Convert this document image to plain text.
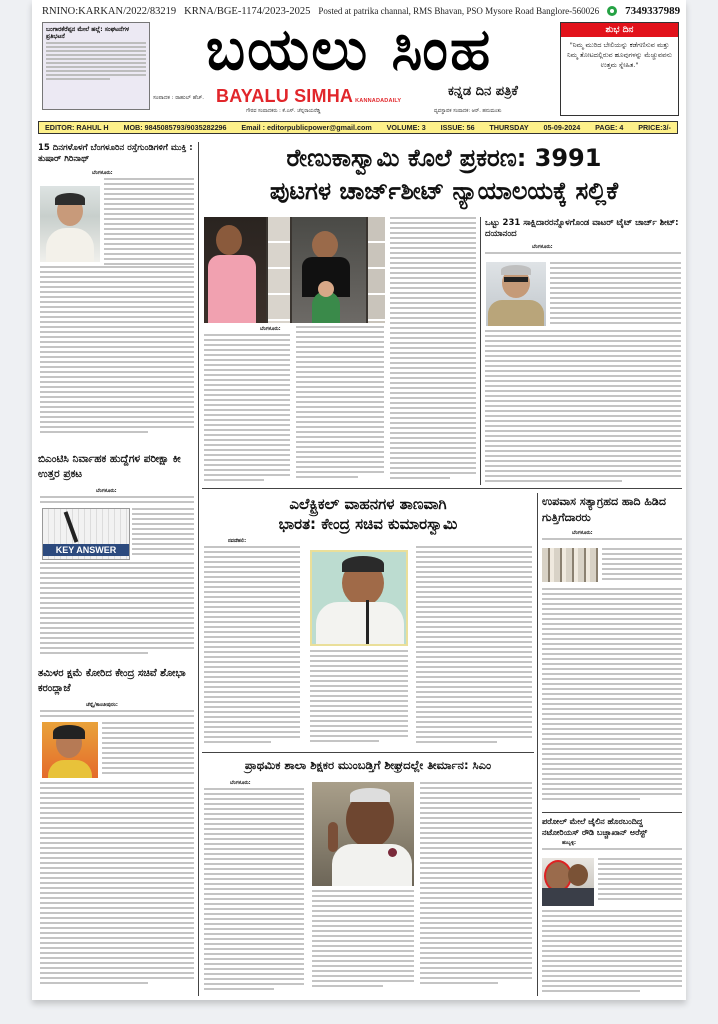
RNINO:KARKAN/2022/83219 KRNA/BGE-1174/2023-2025 Posted at patrika channal, RMS Bhavan, PSO Mysore Road Banglore-560026 7349337989
ಬಂಗಾರಕೆರೆಪ್ಪನ ಮೇಲೆ ಹಲ್ಲೆ: ಸಂಘಟನೆಗಳ ಪ್ರತಿಭಟನೆ	ಬಯಲು ಸಿಂಹ
ಸಂಪಾದಕ : ರಾಹುಲ್ ಹೆಚ್. BAYALU SIMHA KANNADADAILY
ಕನ್ನಡ ದಿನ ಪತ್ರಿಕೆ
ಗೌರವ ಸಂಪಾದಕರು : ಕೆ.ಎಸ್. ಚೆನ್ನರಾಯರೆಡ್ಡಿ	ವ್ಯವಸ್ಥಾಪಕ ಸಂಪಾದಕ: ಆರ್. ಹನುಮಂತು
ಶುಭ ದಿನ
"ನಿಮ್ಮ ಮುರಿದ ಬೇಲಿಯನ್ನು ಕಡೆಗಣಿಸುವ ಮತ್ತು ನಿಮ್ಮ ತೋಟದಲ್ಲಿರುವ ಹೂವುಗಳನ್ನು ಮೆಚ್ಚುವವನು ಉತ್ತಮ ಸ್ನೇಹಿತ."
EDITOR: RAHUL H MOB: 9845085793/9035282296 Email : editorpublicpower@gmail.com VOLUME: 3 ISSUE: 56 THURSDAY 05-09-2024 PAGE: 4 PRICE:3/-
15 ದಿನಗಳೊಳಗೆ ಬೆಂಗಳೂರಿನ ರಸ್ತೆಗುಂಡಿಗಳಿಗೆ ಮುಕ್ತಿ : ತುಷಾರ್ ಗಿರಿನಾಥ್
ಬೆಂಗಳೂರು:
ಬಿಎಂಟಿಸಿ ನಿರ್ವಾಹಕ ಹುದ್ದೆಗಳ ಪರೀಕ್ಷಾ ಕೀ ಉತ್ತರ ಪ್ರಕಟ
ಬೆಂಗಳೂರು:
KEY ANSWER
ತಮಿಳರ ಕ್ಷಮೆ ಕೋರಿದ ಕೇಂದ್ರ ಸಚಿವೆ ಶೋಭಾ ಕರಂದ್ಲಾಜೆ
ಚೆನ್ನೈ/ಕಾಂಚೀಪುರಂ:
ರೇಣುಕಾಸ್ವಾಮಿ ಕೊಲೆ ಪ್ರಕರಣ: 3991
ಪುಟಗಳ ಚಾರ್ಜ್‌ಶೀಟ್ ನ್ಯಾಯಾಲಯಕ್ಕೆ ಸಲ್ಲಿಕೆ
ಬೆಂಗಳೂರು:
ಒಟ್ಟು 231 ಸಾಕ್ಷಿದಾರರನ್ನೊಳಗೊಂಡ ವಾಟರ್ ಟೈಟ್ ಚಾರ್ಜ್ ಶೀಟ್: ದಯಾನಂದ
ಬೆಂಗಳೂರು:
ಎಲೆಕ್ಟ್ರಿಕಲ್ ವಾಹನಗಳ ತಾಣವಾಗಿ
ಭಾರತ: ಕೇಂದ್ರ ಸಚಿವ ಕುಮಾರಸ್ವಾಮಿ
ನವದೆಹಲಿ:
ಉಪವಾಸ ಸತ್ಯಾಗ್ರಹದ ಹಾದಿ ಹಿಡಿದ ಗುತ್ತಿಗೆದಾರರು
ಬೆಂಗಳೂರು:
ಪ್ರಾಥಮಿಕ ಶಾಲಾ ಶಿಕ್ಷಕರ ಮುಂಬಡ್ತಿಗೆ ಶೀಘ್ರದಲ್ಲೇ ತೀರ್ಮಾನ: ಸಿಎಂ
ಬೆಂಗಳೂರು:
ಪರೋಲ್ ಮೇಲೆ ಜೈಲಿನ ಹೊರಬಂದಿದ್ದ ನಟೋರಿಯಸ್ ರೌಡಿ ಬಚ್ಚಾಖಾನ್ ಅರೆಸ್ಟ್
ಹುಬ್ಬಳ್ಳಿ:
